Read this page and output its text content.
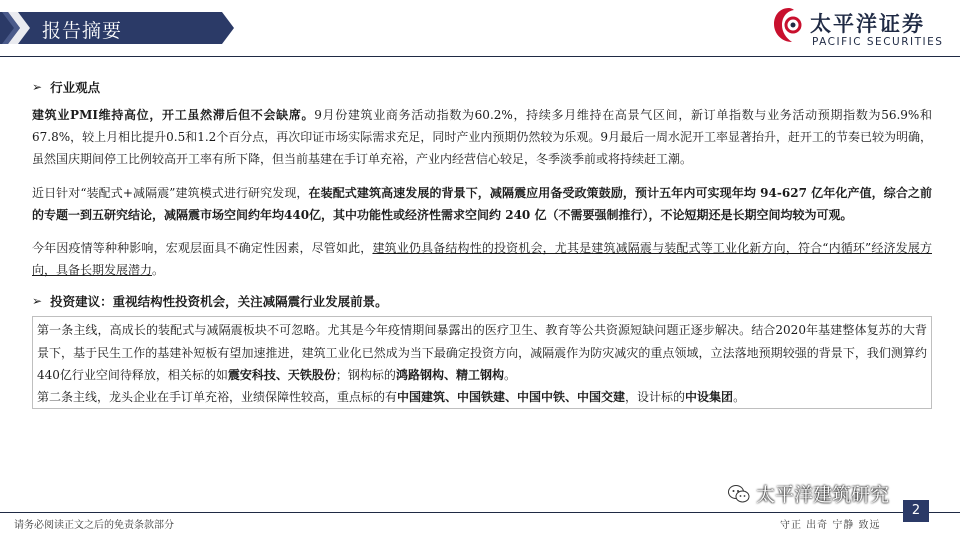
报告摘要	太平洋证券
PACIFIC SECURITIES
➢ 行业观点

建筑业PMI维持高位，开工虽然滞后但不会缺席。9月份建筑业商务活动指数为60.2%，持续多月维持在高景气区间，新订单指数与业务活动预期指数为56.9%和67.8%，较上月相比提升0.5和1.2个百分点，再次印证市场实际需求充足，同时产业内预期仍然较为乐观。9月最后一周水泥开工率显著抬升，赶开工的节奏已较为明确，虽然国庆期间停工比例较高开工率有所下降，但当前基建在手订单充裕，产业内经营信心较足，冬季淡季前或将持续赶工潮。

近日针对“装配式+减隔震”建筑模式进行研究发现，在装配式建筑高速发展的背景下，减隔震应用备受政策鼓励，预计五年内可实现年均 94-627 亿年化产值，综合之前的专题一到五研究结论，减隔震市场空间约年均440亿，其中功能性或经济性需求空间约 240 亿（不需要强制推行），不论短期还是长期空间均较为可观。

今年因疫情等种种影响，宏观层面具不确定性因素，尽管如此，建筑业仍具备结构性的投资机会，尤其是建筑减隔震与装配式等工业化新方向，符合“内循环”经济发展方向，具备长期发展潜力。

➢ 投资建议：重视结构性投资机会，关注减隔震行业发展前景。

第一条主线，高成长的装配式与减隔震板块不可忽略。尤其是今年疫情期间暴露出的医疗卫生、教育等公共资源短缺问题正逐步解决。结合2020年基建整体复苏的大背景下，基于民生工作的基建补短板有望加速推进，建筑工业化已然成为当下最确定投资方向，减隔震作为防灾减灾的重点领域，立法落地预期较强的背景下，我们测算约440亿行业空间待释放，相关标的如震安科技、天铁股份；钢构标的鸿路钢构、精工钢构。

第二条主线，龙头企业在手订单充裕，业绩保障性较高，重点标的有中国建筑、中国铁建、中国中铁、中国交建，设计标的中设集团。

太平洋建筑研究
请务必阅读正文之后的免责条款部分	守正 出奇 宁静 致远
2
